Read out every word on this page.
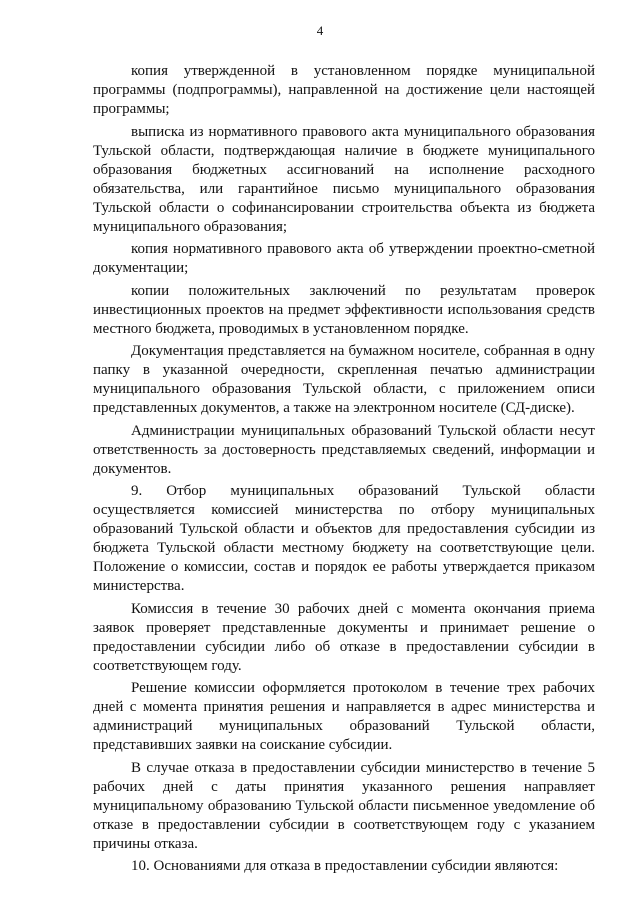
4

копия утвержденной в установленном порядке муниципальной программы (подпрограммы), направленной на достижение цели настоящей программы;

выписка из нормативного правового акта муниципального образования Тульской области, подтверждающая наличие в бюджете муниципального образования бюджетных ассигнований на исполнение расходного обязательства, или гарантийное письмо муниципального образования Тульской области о софинансировании строительства объекта из бюджета муниципального образования;

копия нормативного правового акта об утверждении проектно-сметной документации;

копии положительных заключений по результатам проверок инвестиционных проектов на предмет эффективности использования средств местного бюджета, проводимых в установленном порядке.

Документация представляется на бумажном носителе, собранная в одну папку в указанной очередности, скрепленная печатью администрации муниципального образования Тульской области, с приложением описи представленных документов, а также на электронном носителе (СД-диске).

Администрации муниципальных образований Тульской области несут ответственность за достоверность представляемых сведений, информации и документов.

9. Отбор муниципальных образований Тульской области осуществляется комиссией министерства по отбору муниципальных образований Тульской области и объектов для предоставления субсидии из бюджета Тульской области местному бюджету на соответствующие цели. Положение о комиссии, состав и порядок ее работы утверждается приказом министерства.

Комиссия в течение 30 рабочих дней с момента окончания приема заявок проверяет представленные документы и принимает решение о предоставлении субсидии либо об отказе в предоставлении субсидии в соответствующем году.

Решение комиссии оформляется протоколом в течение трех рабочих дней с момента принятия решения и направляется в адрес министерства и администраций муниципальных образований Тульской области, представивших заявки на соискание субсидии.

В случае отказа в предоставлении субсидии министерство в течение 5 рабочих дней с даты принятия указанного решения направляет муниципальному образованию Тульской области письменное уведомление об отказе в предоставлении субсидии в соответствующем году с указанием причины отказа.

10. Основаниями для отказа в предоставлении субсидии являются:
